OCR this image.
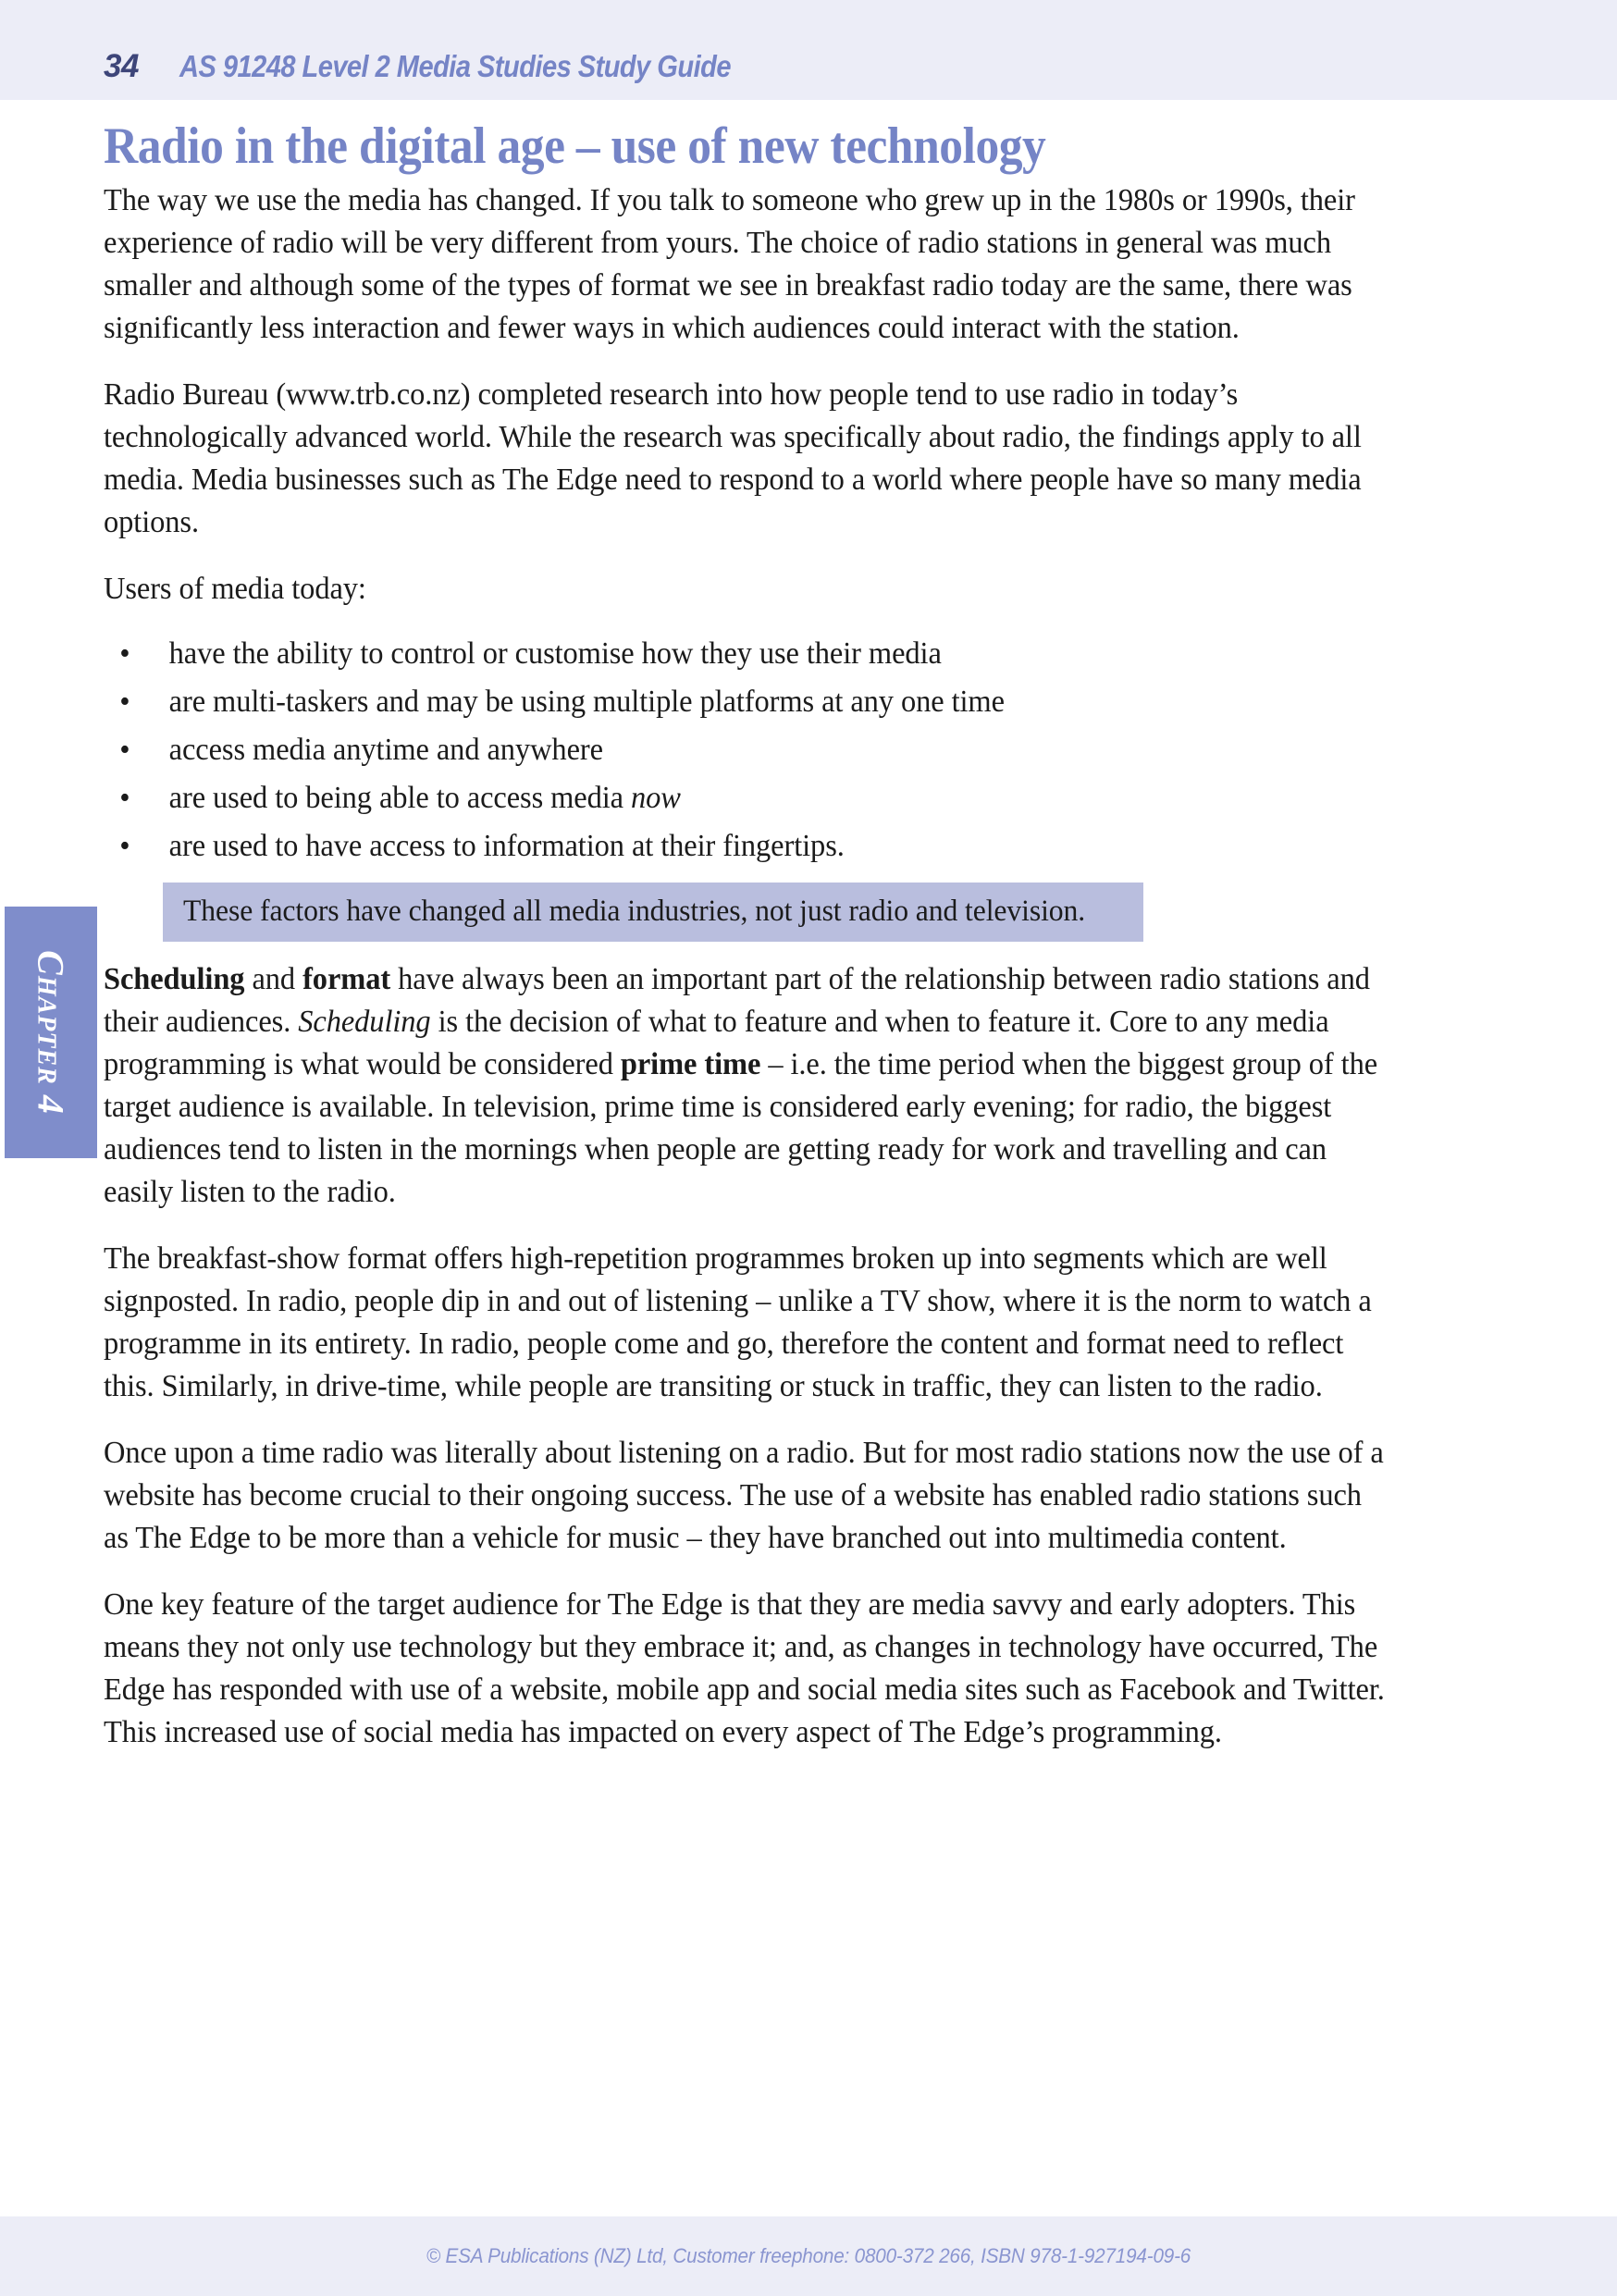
34 AS 91248 Level 2 Media Studies Study Guide
Chapter 4
Radio in the digital age – use of new technology

The way we use the media has changed. If you talk to someone who grew up in the 1980s or 1990s, their experience of radio will be very different from yours. The choice of radio stations in general was much smaller and although some of the types of format we see in breakfast radio today are the same, there was significantly less interaction and fewer ways in which audiences could interact with the station.

Radio Bureau (www.trb.co.nz) completed research into how people tend to use radio in today’s technologically advanced world. While the research was specifically about radio, the findings apply to all media. Media businesses such as The Edge need to respond to a world where people have so many media options.

Users of media today:

• have the ability to control or customise how they use their media
• are multi-taskers and may be using multiple platforms at any one time
• access media anytime and anywhere
• are used to being able to access media now
• are used to have access to information at their fingertips.
These factors have changed all media industries, not just radio and television.

Scheduling and format have always been an important part of the relationship between radio stations and their audiences. Scheduling is the decision of what to feature and when to feature it. Core to any media programming is what would be considered prime time – i.e. the time period when the biggest group of the target audience is available. In television, prime time is considered early evening; for radio, the biggest audiences tend to listen in the mornings when people are getting ready for work and travelling and can easily listen to the radio.

The breakfast-show format offers high-repetition programmes broken up into segments which are well signposted. In radio, people dip in and out of listening – unlike a TV show, where it is the norm to watch a programme in its entirety. In radio, people come and go, therefore the content and format need to reflect this. Similarly, in drive-time, while people are transiting or stuck in traffic, they can listen to the radio.

Once upon a time radio was literally about listening on a radio. But for most radio stations now the use of a website has become crucial to their ongoing success. The use of a website has enabled radio stations such as The Edge to be more than a vehicle for music – they have branched out into multimedia content.

One key feature of the target audience for The Edge is that they are media savvy and early adopters. This means they not only use technology but they embrace it; and, as changes in technology have occurred, The Edge has responded with use of a website, mobile app and social media sites such as Facebook and Twitter. This increased use of social media has impacted on every aspect of The Edge’s programming.

© ESA Publications (NZ) Ltd, Customer freephone: 0800-372 266, ISBN 978-1-927194-09-6
